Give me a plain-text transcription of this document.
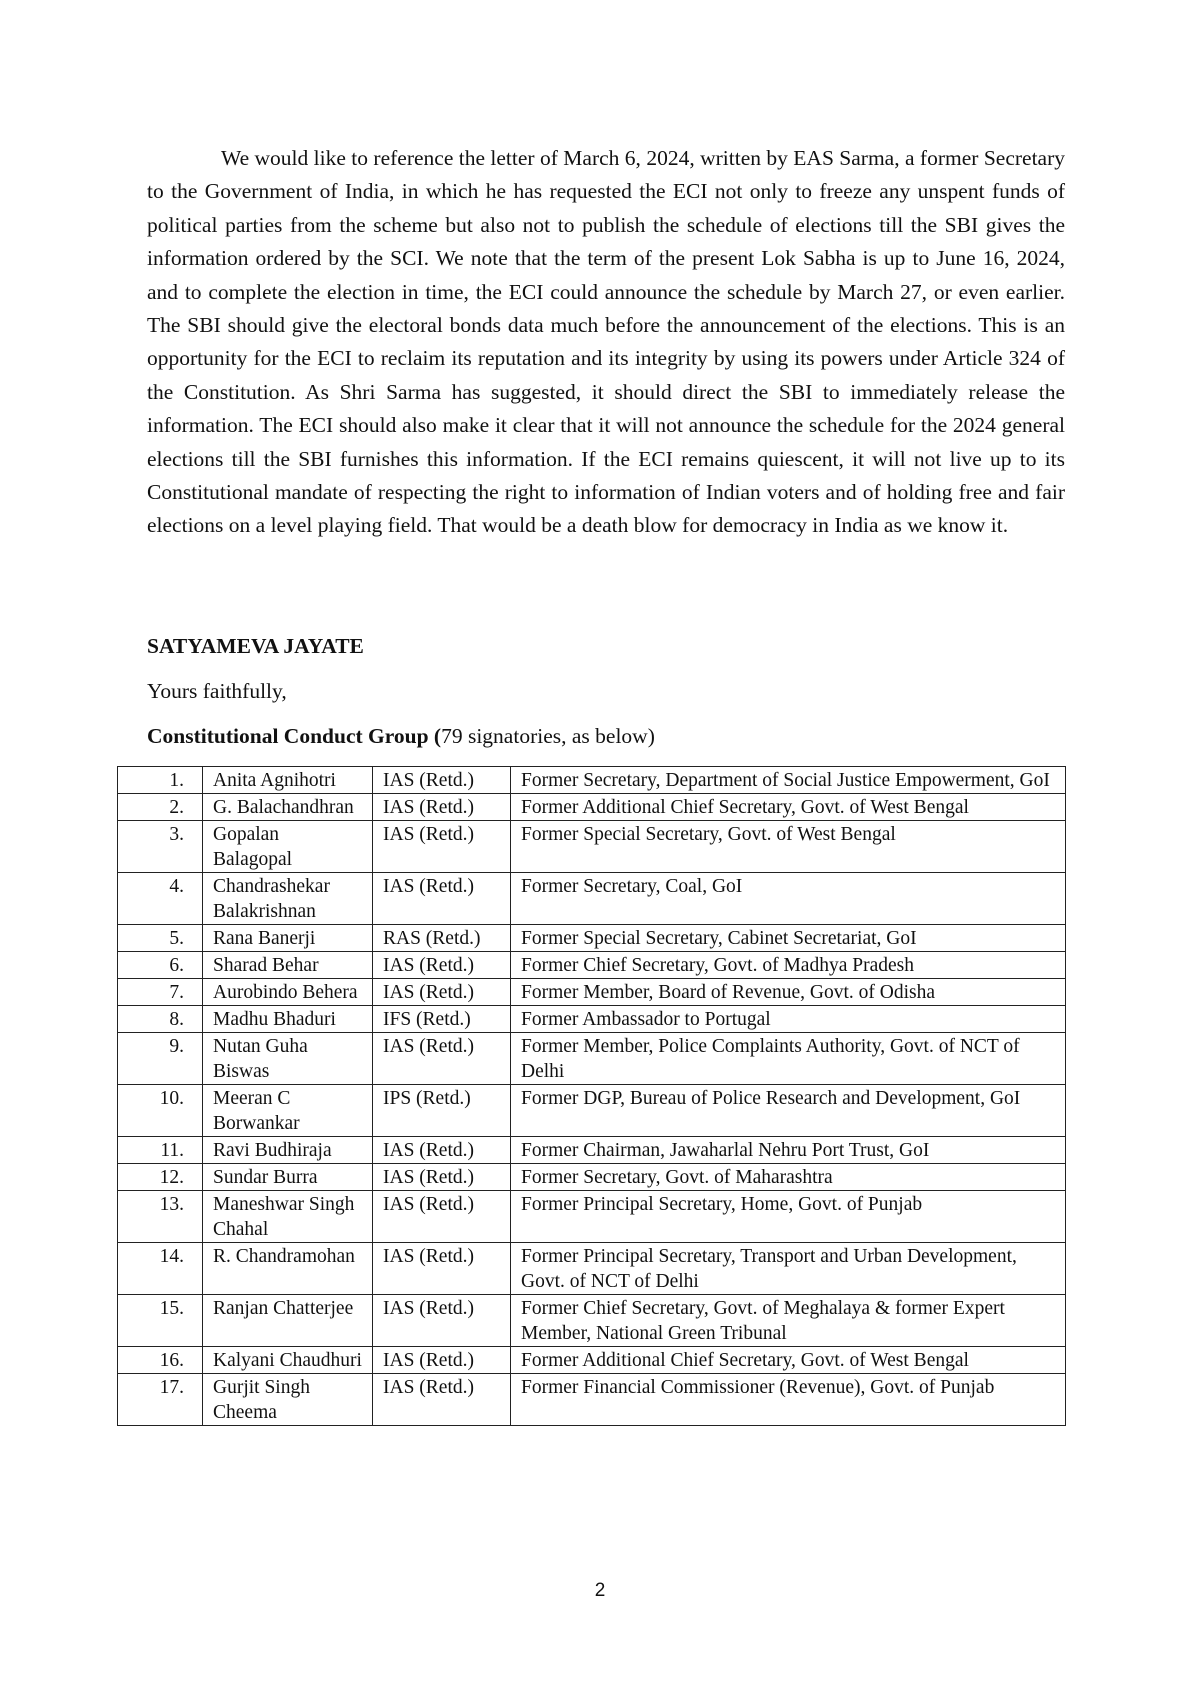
We would like to reference the letter of March 6, 2024, written by EAS Sarma, a former Secretary to the Government of India, in which he has requested the ECI not only to freeze any unspent funds of political parties from the scheme but also not to publish the schedule of elections till the SBI gives the information ordered by the SCI. We note that the term of the present Lok Sabha is up to June 16, 2024, and to complete the election in time, the ECI could announce the schedule by March 27, or even earlier. The SBI should give the electoral bonds data much before the announcement of the elections. This is an opportunity for the ECI to reclaim its reputation and its integrity by using its powers under Article 324 of the Constitution. As Shri Sarma has suggested, it should direct the SBI to immediately release the information. The ECI should also make it clear that it will not announce the schedule for the 2024 general elections till the SBI furnishes this information. If the ECI remains quiescent, it will not live up to its Constitutional mandate of respecting the right to information of Indian voters and of holding free and fair elections on a level playing field. That would be a death blow for democracy in India as we know it.

SATYAMEVA JAYATE

Yours faithfully,

Constitutional Conduct Group (79 signatories, as below)

1.	Anita Agnihotri	IAS (Retd.)	Former Secretary, Department of Social Justice Empowerment, GoI
2.	G. Balachandhran	IAS (Retd.)	Former Additional Chief Secretary, Govt. of West Bengal
3.	Gopalan Balagopal	IAS (Retd.)	Former Special Secretary, Govt. of West Bengal
4.	Chandrashekar Balakrishnan	IAS (Retd.)	Former Secretary, Coal, GoI
5.	Rana Banerji	RAS (Retd.)	Former Special Secretary, Cabinet Secretariat, GoI
6.	Sharad Behar	IAS (Retd.)	Former Chief Secretary, Govt. of Madhya Pradesh
7.	Aurobindo Behera	IAS (Retd.)	Former Member, Board of Revenue, Govt. of Odisha
8.	Madhu Bhaduri	IFS (Retd.)	Former Ambassador to Portugal
9.	Nutan Guha Biswas	IAS (Retd.)	Former Member, Police Complaints Authority, Govt. of NCT of Delhi
10.	Meeran C Borwankar	IPS (Retd.)	Former DGP, Bureau of Police Research and Development, GoI
11.	Ravi Budhiraja	IAS (Retd.)	Former Chairman, Jawaharlal Nehru Port Trust, GoI
12.	Sundar Burra	IAS (Retd.)	Former Secretary, Govt. of Maharashtra
13.	Maneshwar Singh Chahal	IAS (Retd.)	Former Principal Secretary, Home, Govt. of Punjab
14.	R. Chandramohan	IAS (Retd.)	Former Principal Secretary, Transport and Urban Development, Govt. of NCT of Delhi
15.	Ranjan Chatterjee	IAS (Retd.)	Former Chief Secretary, Govt. of Meghalaya & former Expert Member, National Green Tribunal
16.	Kalyani Chaudhuri	IAS (Retd.)	Former Additional Chief Secretary, Govt. of West Bengal
17.	Gurjit Singh Cheema	IAS (Retd.)	Former Financial Commissioner (Revenue), Govt. of Punjab

2
